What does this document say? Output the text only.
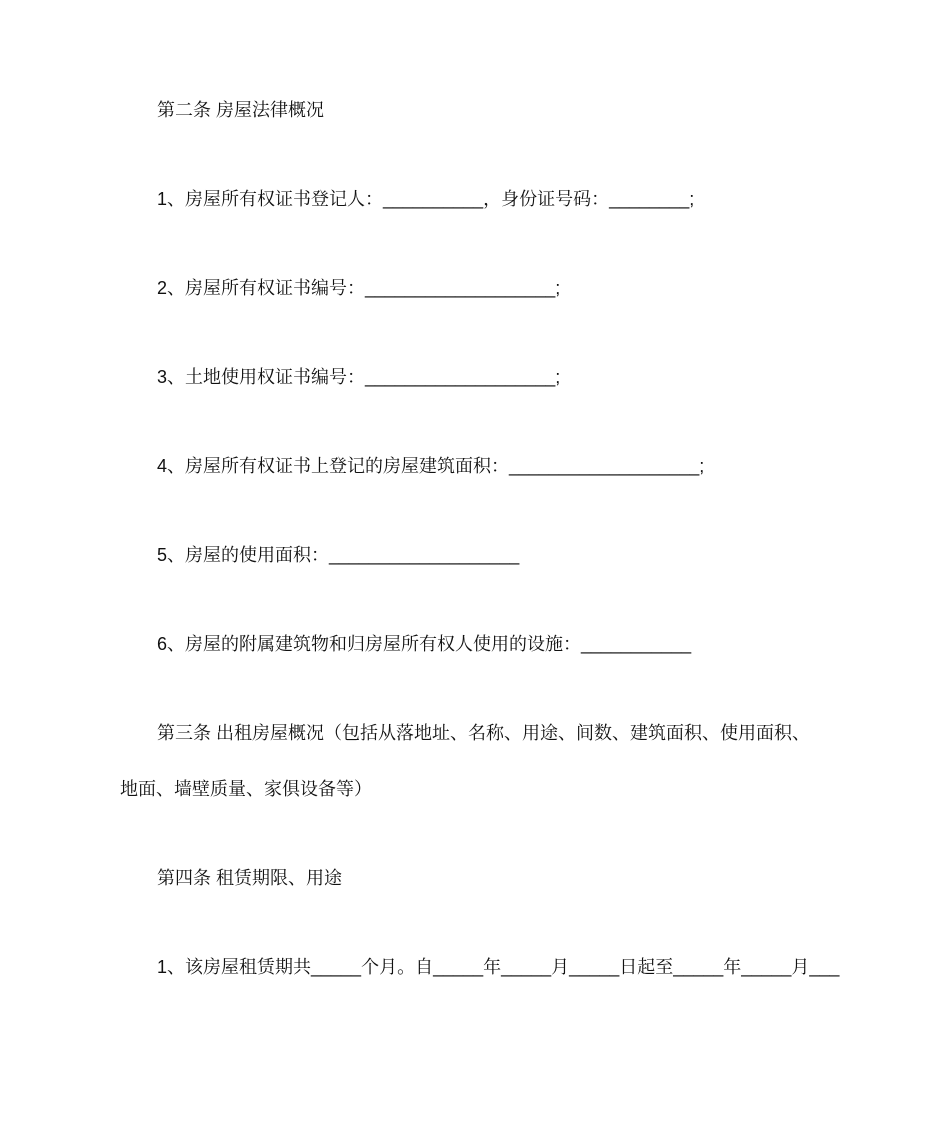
第二条 房屋法律概况
1、房屋所有权证书登记人：__________，身份证号码：________;
2、房屋所有权证书编号：___________________;
3、土地使用权证书编号：___________________;
4、房屋所有权证书上登记的房屋建筑面积：___________________;
5、房屋的使用面积：___________________
6、房屋的附属建筑物和归房屋所有权人使用的设施：___________
第三条 出租房屋概况（包括从落地址、名称、用途、间数、建筑面积、使用面积、
地面、墙壁质量、家俱设备等）
第四条 租赁期限、用途
1、该房屋租赁期共_____个月。自_____年_____月_____日起至_____年_____月___
